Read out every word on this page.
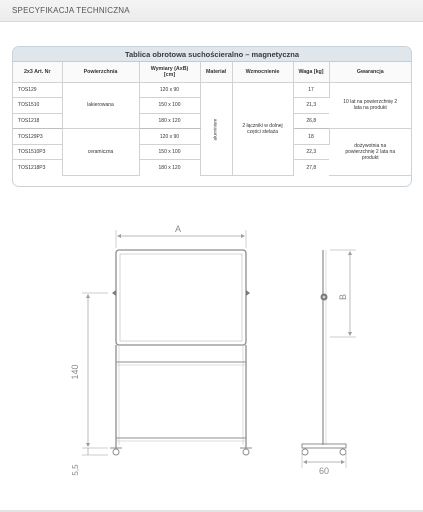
SPECYFIKACJA TECHNICZNA
Tablica obrotowa suchościeralno – magnetyczna
2x3 Art. Nr	Powierzchnia	Wymiary (AxB)
[cm]	Materiał	Wzmocnienie	Waga [kg]	Gwarancja
TOS129	lakierowana	120 x 90	aluminium	2 łączniki w dolnej części stelaża	17	10 lat na powierzchnię 2 lata na produkt
TOS1510		150 x 100			21,3	
TOS1218		180 x 120			26,8	
TOS129P3	ceramiczna	120 x 90			18	dożywotnia na powierzchnię 2 lata na produkt
TOS1510P3		150 x 100			22,3	
TOS1218P3		180 x 120			27,8	
A
140
5,5
B
60
